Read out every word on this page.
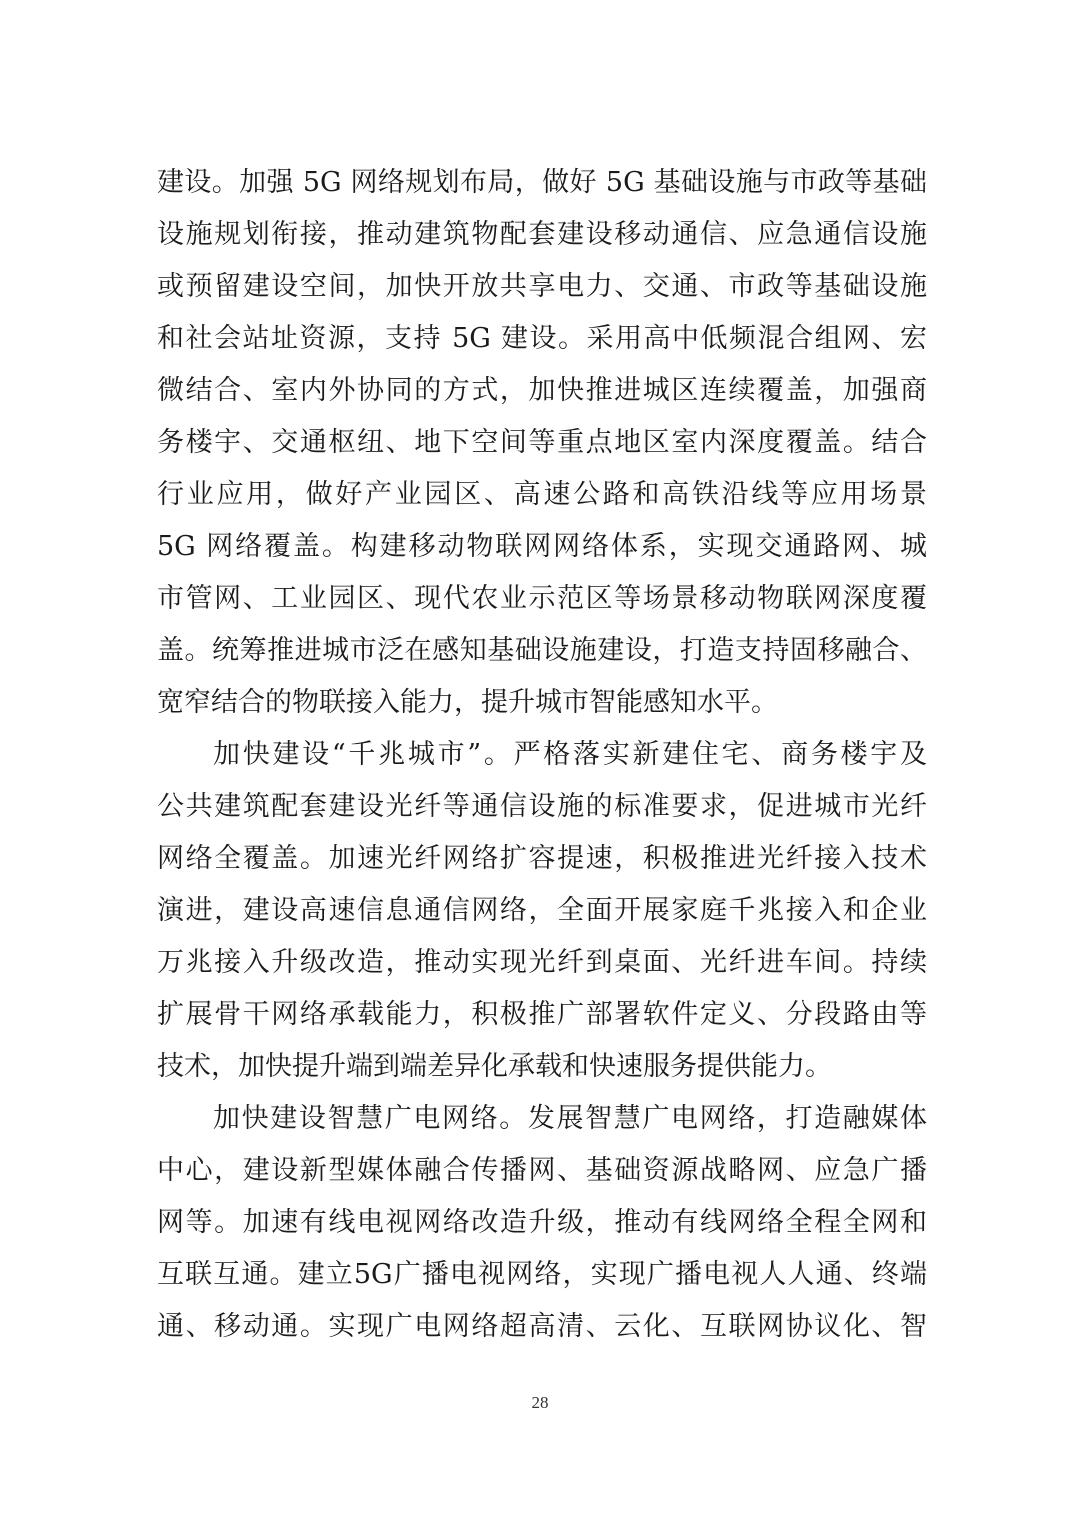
建设。加强 5G 网络规划布局，做好 5G 基础设施与市政等基础
设施规划衔接，推动建筑物配套建设移动通信、应急通信设施
或预留建设空间，加快开放共享电力、交通、市政等基础设施
和社会站址资源，支持 5G 建设。采用高中低频混合组网、宏
微结合、室内外协同的方式，加快推进城区连续覆盖，加强商
务楼宇、交通枢纽、地下空间等重点地区室内深度覆盖。结合
行业应用，做好产业园区、高速公路和高铁沿线等应用场景
5G 网络覆盖。构建移动物联网网络体系，实现交通路网、城
市管网、工业园区、现代农业示范区等场景移动物联网深度覆
盖。统筹推进城市泛在感知基础设施建设，打造支持固移融合、
宽窄结合的物联接入能力，提升城市智能感知水平。
加快建设“千兆城市”。严格落实新建住宅、商务楼宇及
公共建筑配套建设光纤等通信设施的标准要求，促进城市光纤
网络全覆盖。加速光纤网络扩容提速，积极推进光纤接入技术
演进，建设高速信息通信网络，全面开展家庭千兆接入和企业
万兆接入升级改造，推动实现光纤到桌面、光纤进车间。持续
扩展骨干网络承载能力，积极推广部署软件定义、分段路由等
技术，加快提升端到端差异化承载和快速服务提供能力。
加快建设智慧广电网络。发展智慧广电网络，打造融媒体
中心，建设新型媒体融合传播网、基础资源战略网、应急广播
网等。加速有线电视网络改造升级，推动有线网络全程全网和
互联互通。建立5G广播电视网络，实现广播电视人人通、终端
通、移动通。实现广电网络超高清、云化、互联网协议化、智
28
